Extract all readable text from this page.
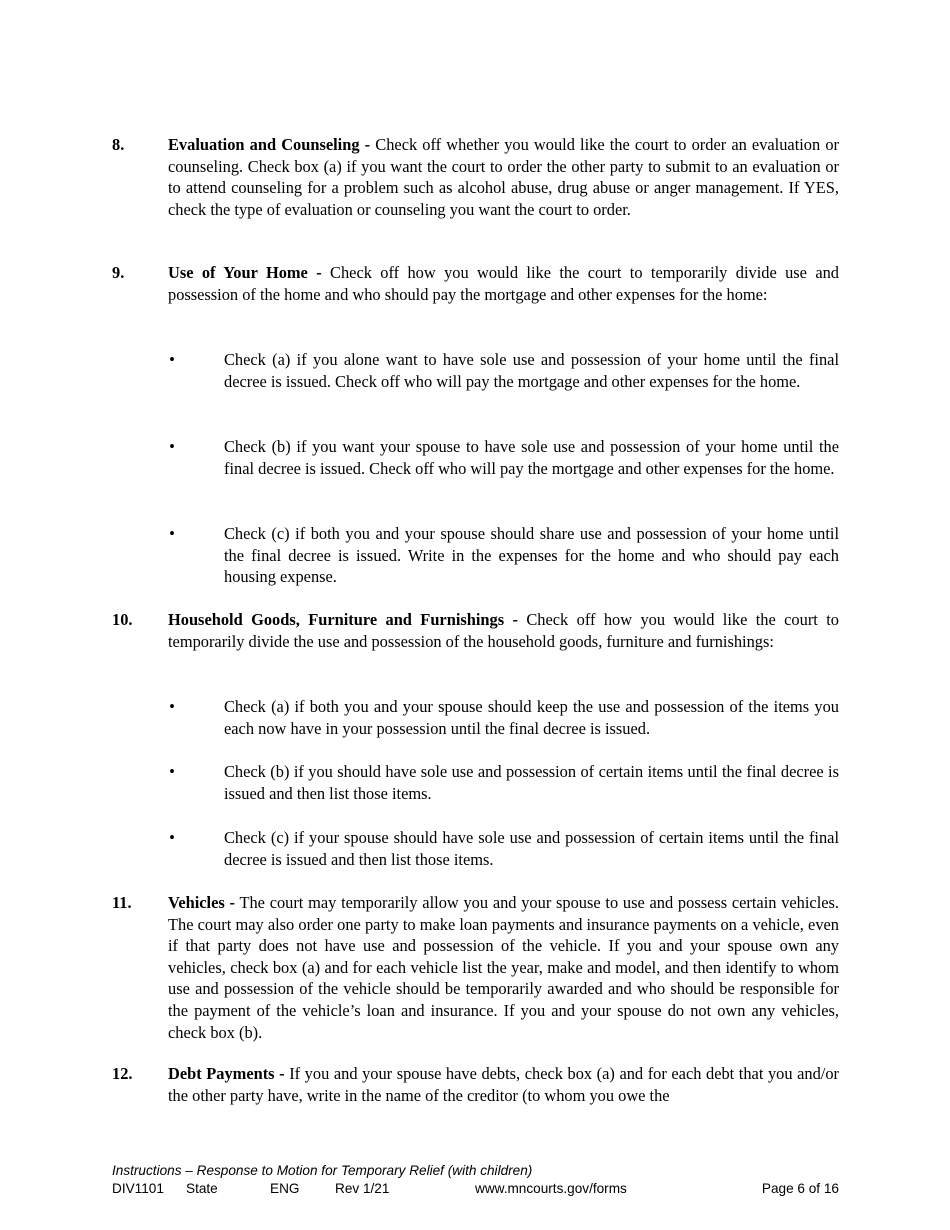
8.	Evaluation and Counseling - Check off whether you would like the court to order an evaluation or counseling. Check box (a) if you want the court to order the other party to submit to an evaluation or to attend counseling for a problem such as alcohol abuse, drug abuse or anger management. If YES, check the type of evaluation or counseling you want the court to order.
9.	Use of Your Home - Check off how you would like the court to temporarily divide use and possession of the home and who should pay the mortgage and other expenses for the home:
•	Check (a) if you alone want to have sole use and possession of your home until the final decree is issued. Check off who will pay the mortgage and other expenses for the home.
•	Check (b) if you want your spouse to have sole use and possession of your home until the final decree is issued. Check off who will pay the mortgage and other expenses for the home.
•	Check (c) if both you and your spouse should share use and possession of your home until the final decree is issued. Write in the expenses for the home and who should pay each housing expense.
10. Household Goods, Furniture and Furnishings - Check off how you would like the court to temporarily divide the use and possession of the household goods, furniture and furnishings:
•	Check (a) if both you and your spouse should keep the use and possession of the items you each now have in your possession until the final decree is issued.
•	Check (b) if you should have sole use and possession of certain items until the final decree is issued and then list those items.
•	Check (c) if your spouse should have sole use and possession of certain items until the final decree is issued and then list those items.
11. Vehicles - The court may temporarily allow you and your spouse to use and possess certain vehicles. The court may also order one party to make loan payments and insurance payments on a vehicle, even if that party does not have use and possession of the vehicle. If you and your spouse own any vehicles, check box (a) and for each vehicle list the year, make and model, and then identify to whom use and possession of the vehicle should be temporarily awarded and who should be responsible for the payment of the vehicle’s loan and insurance. If you and your spouse do not own any vehicles, check box (b).
12. Debt Payments - If you and your spouse have debts, check box (a) and for each debt that you and/or the other party have, write in the name of the creditor (to whom you owe the
Instructions – Response to Motion for Temporary Relief (with children)
DIV1101 State	ENG	Rev 1/21	www.mncourts.gov/forms	Page 6 of 16
